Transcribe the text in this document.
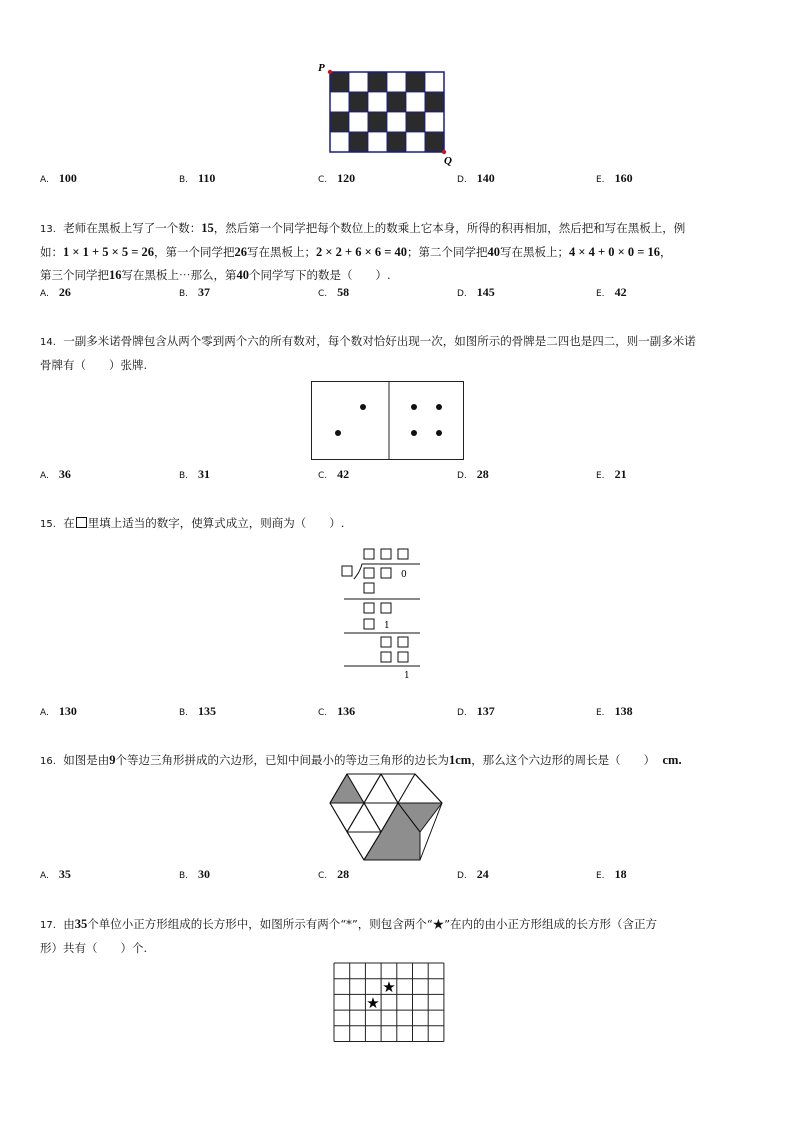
P
Q
A. 100	B. 110	C. 120	D. 140	E. 160
13. 老师在黑板上写了一个数：15，然后第一个同学把每个数位上的数乘上它本身，所得的积再相加，然后把和写在黑板上，例
如：1 × 1 + 5 × 5 = 26，第一个同学把26写在黑板上；2 × 2 + 6 × 6 = 40；第二个同学把40写在黑板上；4 × 4 + 0 × 0 = 16，
第三个同学把16写在黑板上⋯那么，第40个同学写下的数是（　　）.
A. 26	B. 37	C. 58	D. 145	E. 42
14. 一副多米诺骨牌包含从两个零到两个六的所有数对，每个数对恰好出现一次，如图所示的骨牌是二四也是四二，则一副多米诺
骨牌有（　　）张牌.
A. 36	B. 31	C. 42	D. 28	E. 21
15. 在 里填上适当的数字，使算式成立，则商为（　　）.
0
1
1
A. 130	B. 135	C. 136	D. 137	E. 138
16. 如图是由9个等边三角形拼成的六边形，已知中间最小的等边三角形的边长为1cm，那么这个六边形的周长是（　　） cm.
A. 35	B. 30	C. 28	D. 24	E. 18
17. 由35个单位小正方形组成的长方形中，如图所示有两个“*”，则包含两个“★”在内的由小正方形组成的长方形（含正方
形）共有（　　）个.
★
★
